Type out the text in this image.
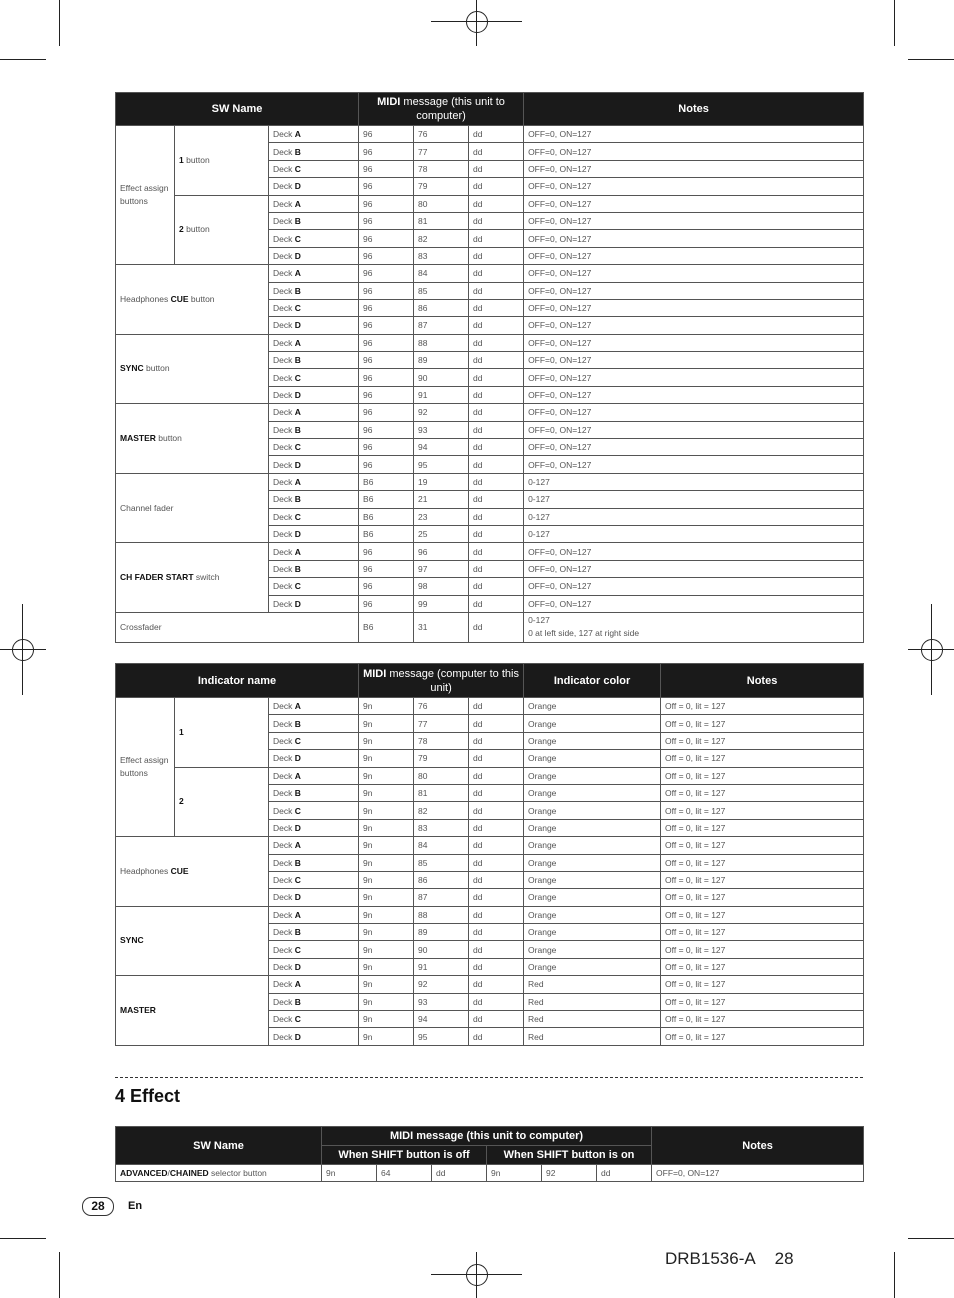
SW Name			MIDI message (this unit to computer)			Notes
Effect assign buttons	1 button	Deck A	96	76	dd	OFF=0, ON=127
		Deck B	96	77	dd	OFF=0, ON=127
		Deck C	96	78	dd	OFF=0, ON=127
		Deck D	96	79	dd	OFF=0, ON=127
	2 button	Deck A	96	80	dd	OFF=0, ON=127
		Deck B	96	81	dd	OFF=0, ON=127
		Deck C	96	82	dd	OFF=0, ON=127
		Deck D	96	83	dd	OFF=0, ON=127
Headphones CUE button		Deck A	96	84	dd	OFF=0, ON=127
		Deck B	96	85	dd	OFF=0, ON=127
		Deck C	96	86	dd	OFF=0, ON=127
		Deck D	96	87	dd	OFF=0, ON=127
SYNC button		Deck A	96	88	dd	OFF=0, ON=127
		Deck B	96	89	dd	OFF=0, ON=127
		Deck C	96	90	dd	OFF=0, ON=127
		Deck D	96	91	dd	OFF=0, ON=127
MASTER button		Deck A	96	92	dd	OFF=0, ON=127
		Deck B	96	93	dd	OFF=0, ON=127
		Deck C	96	94	dd	OFF=0, ON=127
		Deck D	96	95	dd	OFF=0, ON=127
Channel fader		Deck A	B6	19	dd	0-127
		Deck B	B6	21	dd	0-127
		Deck C	B6	23	dd	0-127
		Deck D	B6	25	dd	0-127
CH FADER START switch		Deck A	96	96	dd	OFF=0, ON=127
		Deck B	96	97	dd	OFF=0, ON=127
		Deck C	96	98	dd	OFF=0, ON=127
		Deck D	96	99	dd	OFF=0, ON=127
Crossfader			B6	31	dd	0-127
0 at left side, 127 at right side
Indicator name			MIDI message (computer to this unit)			Indicator color	Notes
Effect assign buttons	1	Deck A	9n	76	dd	Orange	Off = 0, lit = 127
		Deck B	9n	77	dd	Orange	Off = 0, lit = 127
		Deck C	9n	78	dd	Orange	Off = 0, lit = 127
		Deck D	9n	79	dd	Orange	Off = 0, lit = 127
	2	Deck A	9n	80	dd	Orange	Off = 0, lit = 127
		Deck B	9n	81	dd	Orange	Off = 0, lit = 127
		Deck C	9n	82	dd	Orange	Off = 0, lit = 127
		Deck D	9n	83	dd	Orange	Off = 0, lit = 127
Headphones CUE		Deck A	9n	84	dd	Orange	Off = 0, lit = 127
		Deck B	9n	85	dd	Orange	Off = 0, lit = 127
		Deck C	9n	86	dd	Orange	Off = 0, lit = 127
		Deck D	9n	87	dd	Orange	Off = 0, lit = 127
SYNC		Deck A	9n	88	dd	Orange	Off = 0, lit = 127
		Deck B	9n	89	dd	Orange	Off = 0, lit = 127
		Deck C	9n	90	dd	Orange	Off = 0, lit = 127
		Deck D	9n	91	dd	Orange	Off = 0, lit = 127
MASTER		Deck A	9n	92	dd	Red	Off = 0, lit = 127
		Deck B	9n	93	dd	Red	Off = 0, lit = 127
		Deck C	9n	94	dd	Red	Off = 0, lit = 127
		Deck D	9n	95	dd	Red	Off = 0, lit = 127
4 Effect
SW Name	MIDI message (this unit to computer)						Notes
	When SHIFT button is off			When SHIFT button is on			
ADVANCED/CHAINED selector button	9n	64	dd	9n	92	dd	OFF=0, ON=127
28	En
DRB1536-A 28
